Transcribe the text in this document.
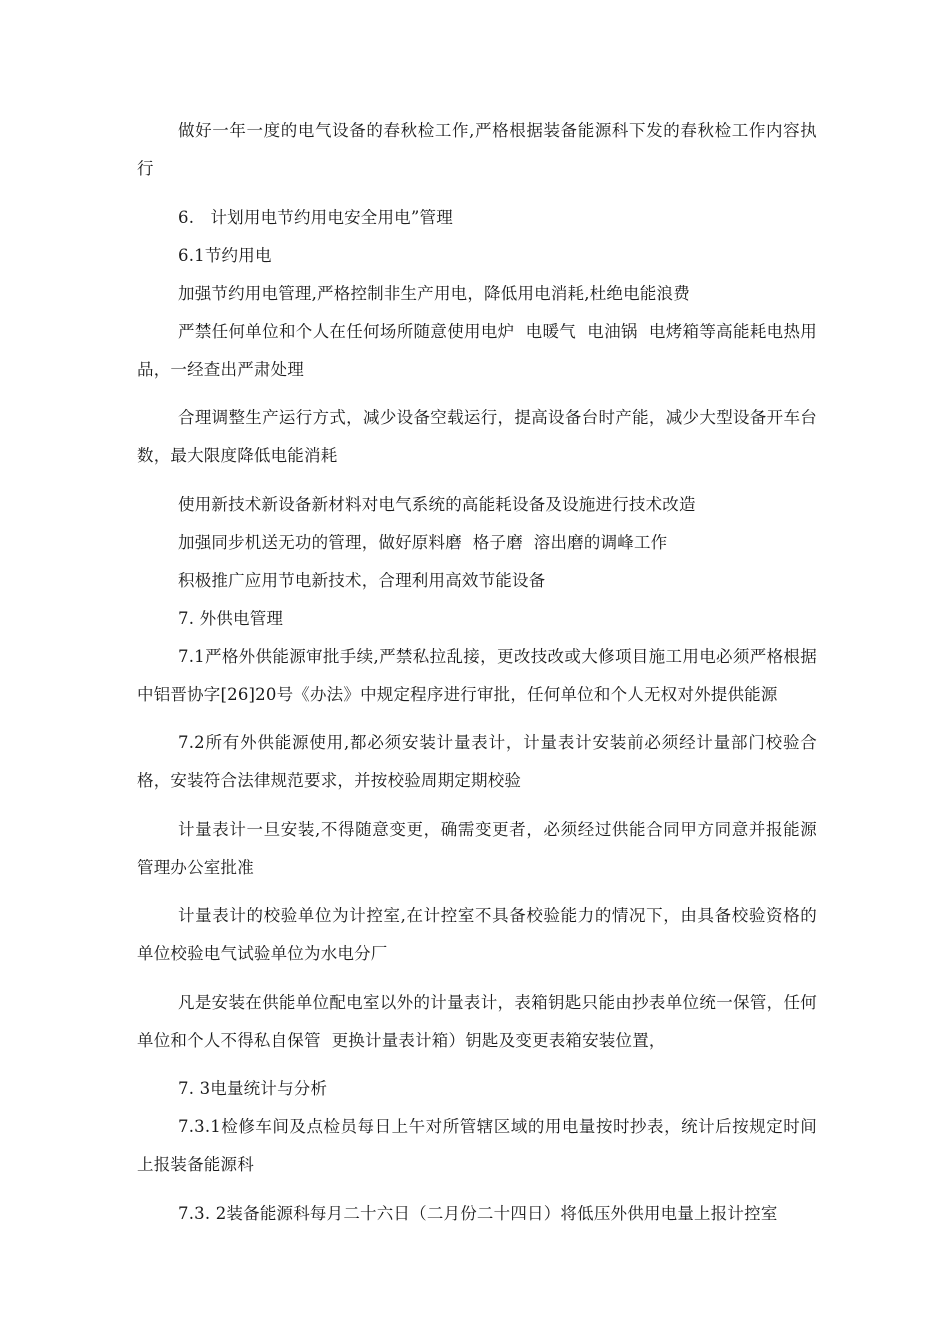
做好一年一度的电气设备的春秋检工作,严格根据装备能源科下发的春秋检工作内容执行

6.   计划用电节约用电安全用电”管理

6.1节约用电

加强节约用电管理,严格控制非生产用电，降低用电消耗,杜绝电能浪费

严禁任何单位和个人在任何场所随意使用电炉  电暖气  电油锅  电烤箱等高能耗电热用品，一经查出严肃处理

合理调整生产运行方式，减少设备空载运行，提高设备台时产能，减少大型设备开车台数，最大限度降低电能消耗

使用新技术新设备新材料对电气系统的高能耗设备及设施进行技术改造

加强同步机送无功的管理，做好原料磨  格子磨  溶出磨的调峰工作

积极推广应用节电新技术，合理利用高效节能设备

7. 外供电管理

7.1严格外供能源审批手续,严禁私拉乱接，更改技改或大修项目施工用电必须严格根据中铝晋协字[26]20号《办法》中规定程序进行审批，任何单位和个人无权对外提供能源

7.2所有外供能源使用,都必须安装计量表计，计量表计安装前必须经计量部门校验合格，安装符合法律规范要求，并按校验周期定期校验

计量表计一旦安装,不得随意变更，确需变更者，必须经过供能合同甲方同意并报能源管理办公室批准

计量表计的校验单位为计控室,在计控室不具备校验能力的情况下，由具备校验资格的单位校验电气试验单位为水电分厂

凡是安装在供能单位配电室以外的计量表计，表箱钥匙只能由抄表单位统一保管，任何单位和个人不得私自保管  更换计量表计箱）钥匙及变更表箱安装位置，

7. 3电量统计与分析

7.3.1检修车间及点检员每日上午对所管辖区域的用电量按时抄表，统计后按规定时间上报装备能源科

7.3. 2装备能源科每月二十六日（二月份二十四日）将低压外供用电量上报计控室
